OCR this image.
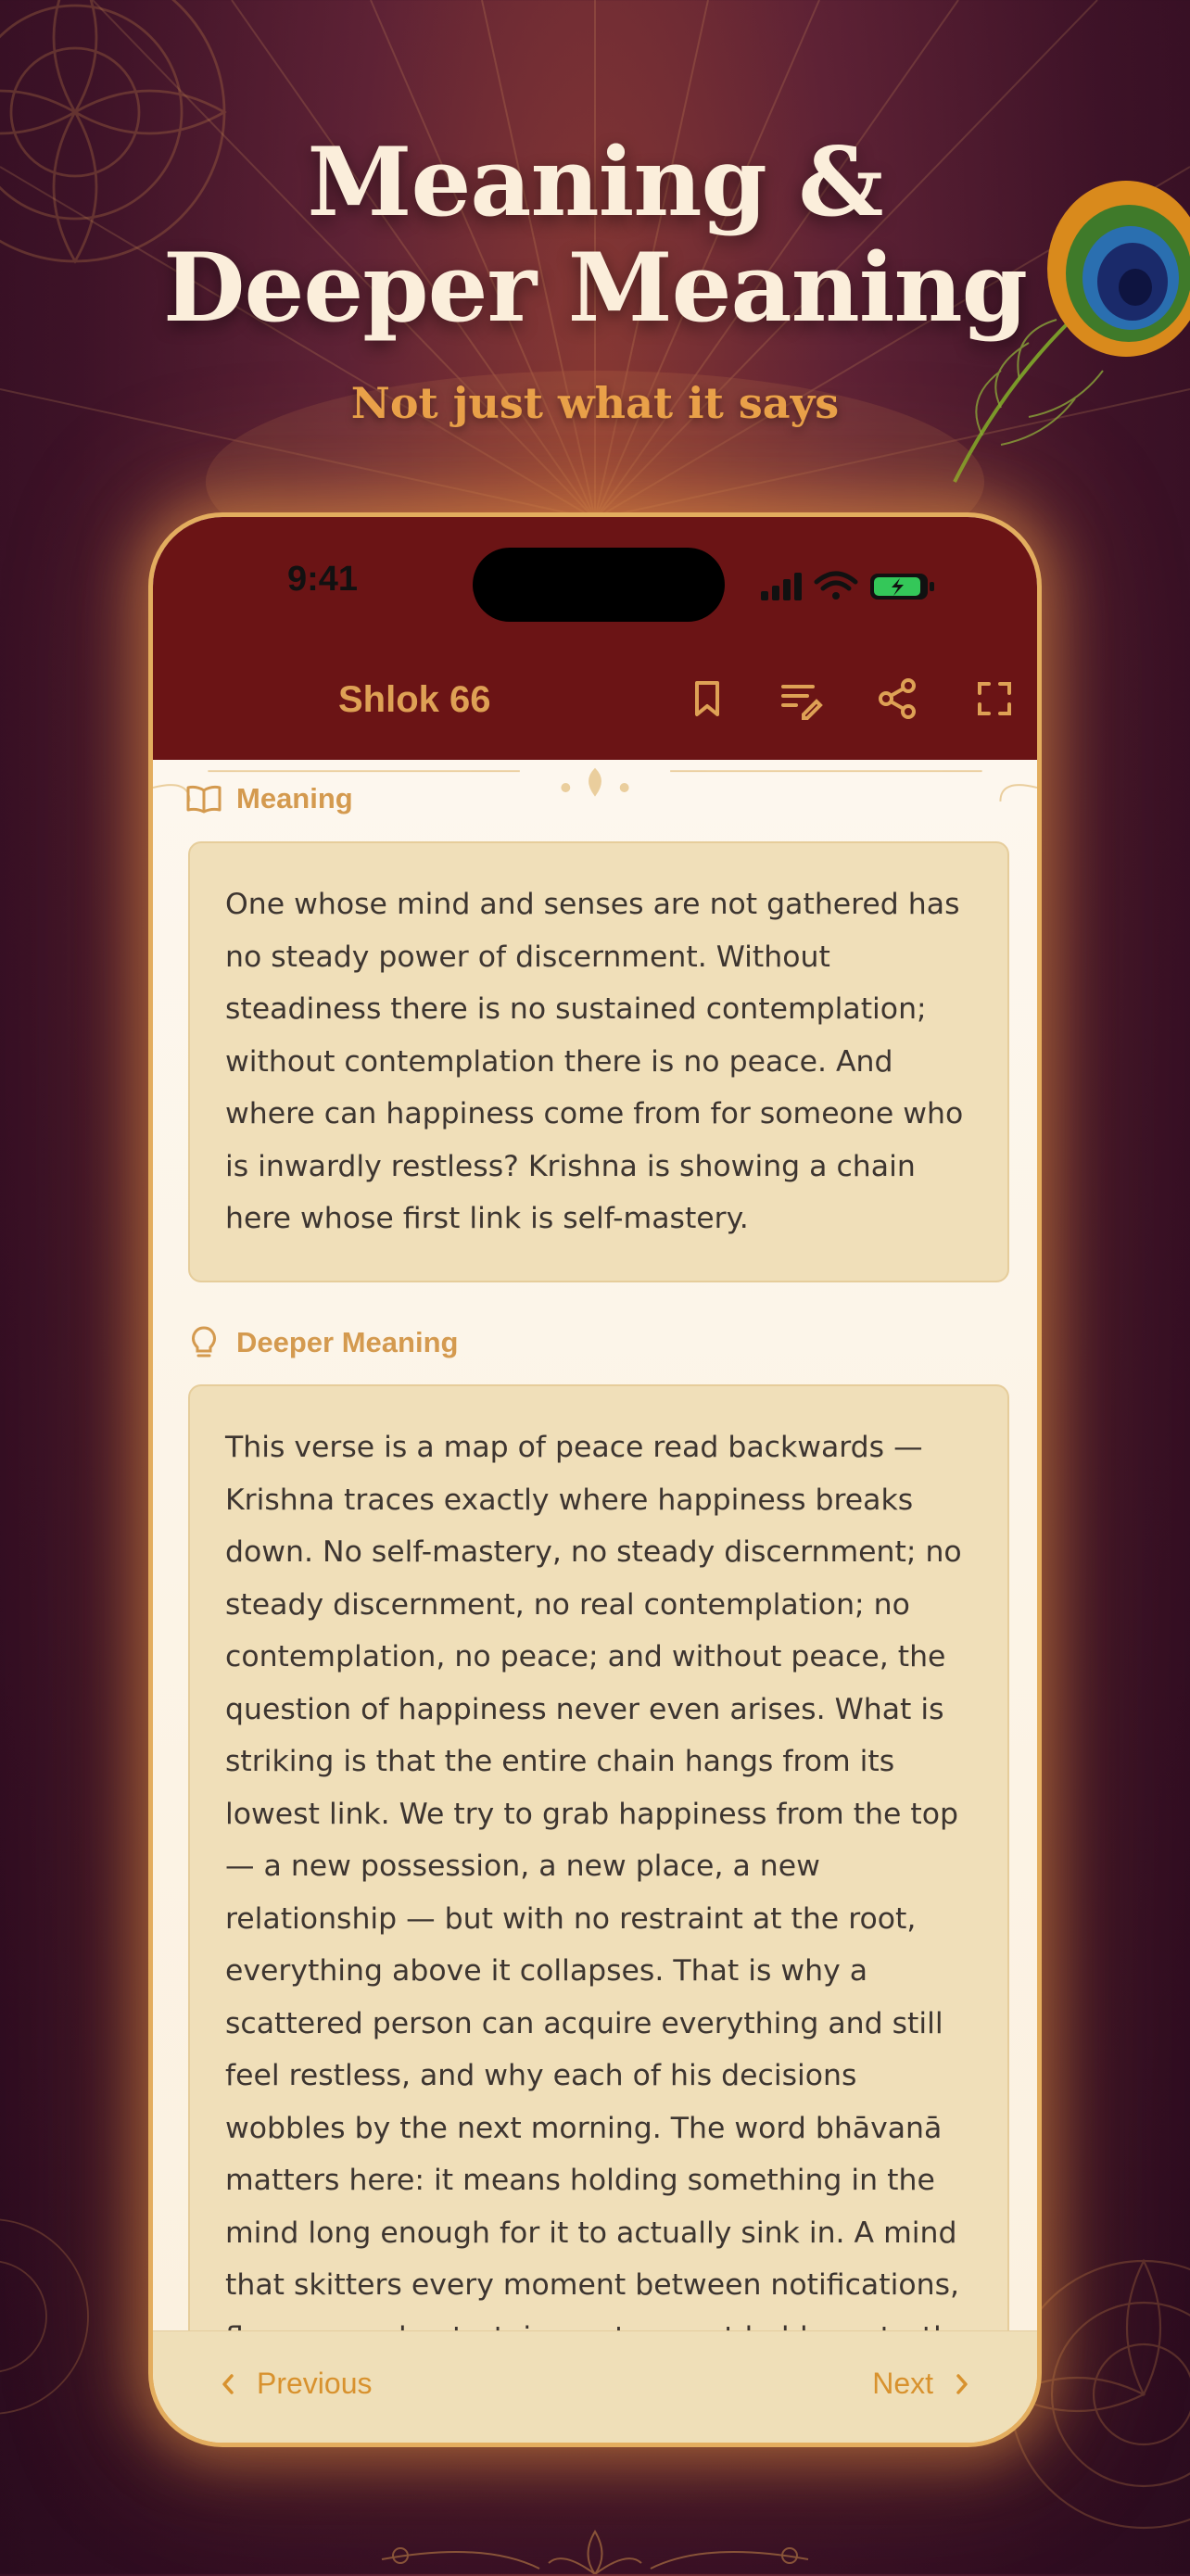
Meaning &
Deeper Meaning
Not just what it says
9:41
Shlok 66
Meaning
One whose mind and senses are not gathered has no steady power of discernment. Without steadiness there is no sustained contemplation; without contemplation there is no peace. And where can happiness come from for someone who is inwardly restless? Krishna is showing a chain here whose first link is self-mastery.
Deeper Meaning
This verse is a map of peace read backwards — Krishna traces exactly where happiness breaks down. No self-mastery, no steady discernment; no steady discernment, no real contemplation; no contemplation, no peace; and without peace, the question of happiness never even arises. What is striking is that the entire chain hangs from its lowest link. We try to grab happiness from the top — a new possession, a new place, a new relationship — but with no restraint at the root, everything above it collapses. That is why a scattered person can acquire everything and still feel restless, and why each of his decisions wobbles by the next morning. The word bhāvanā matters here: it means holding something in the mind long enough for it to actually sink in. A mind that skitters every moment between notifications,
Previous	Next
